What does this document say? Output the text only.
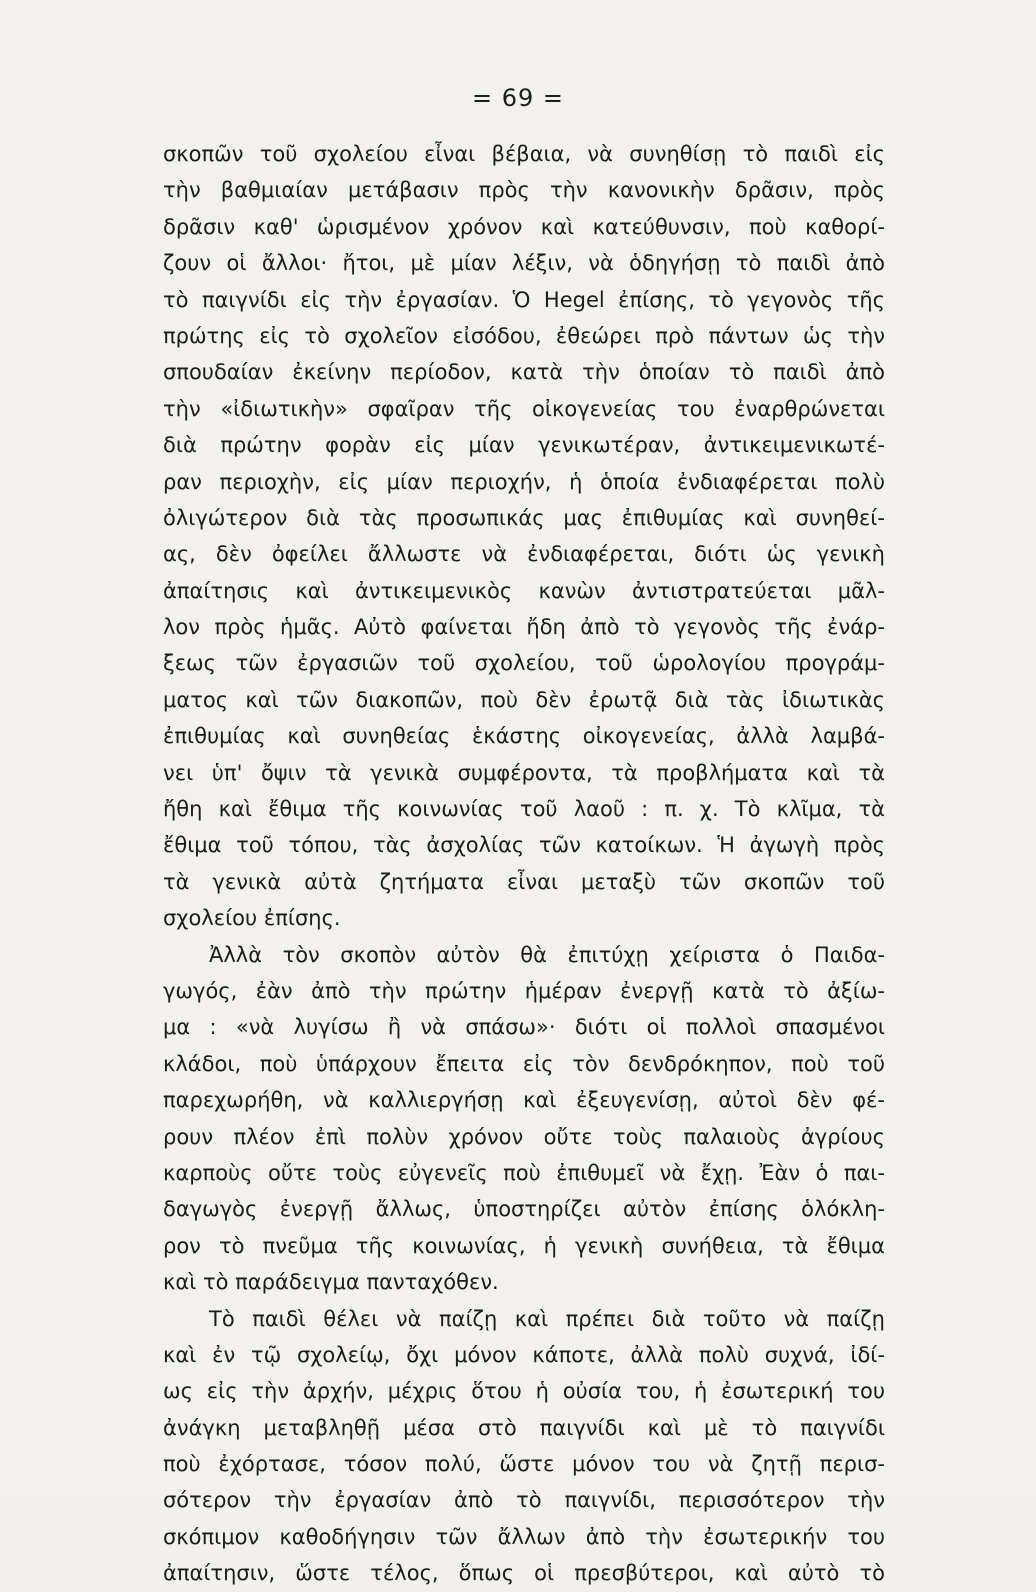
= 69 =
σκοπῶν τοῦ σχολείου εἶναι βέβαια, νὰ συνηθίσῃ τὸ παιδὶ εἰς
τὴν βαθμιαίαν μετάβασιν πρὸς τὴν κανονικὴν δρᾶσιν, πρὸς
δρᾶσιν καθ' ὡρισμένον χρόνον καὶ κατεύθυνσιν, ποὺ καθορί-
ζουν οἱ ἄλλοι· ἤτοι, μὲ μίαν λέξιν, νὰ ὁδηγήσῃ τὸ παιδὶ ἀπὸ
τὸ παιγνίδι εἰς τὴν ἐργασίαν. Ὁ Hegel ἐπίσης, τὸ γεγονὸς τῆς
πρώτης εἰς τὸ σχολεῖον εἰσόδου, ἐθεώρει πρὸ πάντων ὡς τὴν
σπουδαίαν ἐκείνην περίοδον, κατὰ τὴν ὁποίαν τὸ παιδὶ ἀπὸ
τὴν «ἰδιωτικὴν» σφαῖραν τῆς οἰκογενείας του ἐναρθρώνεται
διὰ πρώτην φορὰν εἰς μίαν γενικωτέραν, ἀντικειμενικωτέ-
ραν περιοχὴν, εἰς μίαν περιοχήν, ἡ ὁποία ἐνδιαφέρεται πολὺ
ὀλιγώτερον διὰ τὰς προσωπικάς μας ἐπιθυμίας καὶ συνηθεί-
ας, δὲν ὀφείλει ἄλλωστε νὰ ἐνδιαφέρεται, διότι ὡς γενικὴ
ἀπαίτησις καὶ ἀντικειμενικὸς κανὼν ἀντιστρατεύεται μᾶλ-
λον πρὸς ἡμᾶς. Αὐτὸ φαίνεται ἤδη ἀπὸ τὸ γεγονὸς τῆς ἐνάρ-
ξεως τῶν ἐργασιῶν τοῦ σχολείου, τοῦ ὡρολογίου προγράμ-
ματος καὶ τῶν διακοπῶν, ποὺ δὲν ἐρωτᾷ διὰ τὰς ἰδιωτικὰς
ἐπιθυμίας καὶ συνηθείας ἑκάστης οἰκογενείας, ἀλλὰ λαμβά-
νει ὑπ' ὄψιν τὰ γενικὰ συμφέροντα, τὰ προβλήματα καὶ τὰ
ἤθη καὶ ἔθιμα τῆς κοινωνίας τοῦ λαοῦ : π. χ. Τὸ κλῖμα, τὰ
ἔθιμα τοῦ τόπου, τὰς ἀσχολίας τῶν κατοίκων. Ἡ ἀγωγὴ πρὸς
τὰ γενικὰ αὐτὰ ζητήματα εἶναι μεταξὺ τῶν σκοπῶν τοῦ
σχολείου ἐπίσης.
Ἀλλὰ τὸν σκοπὸν αὐτὸν θὰ ἐπιτύχῃ χείριστα ὁ Παιδα-
γωγός, ἐὰν ἀπὸ τὴν πρώτην ἡμέραν ἐνεργῇ κατὰ τὸ ἀξίω-
μα : «νὰ λυγίσω ἢ νὰ σπάσω»· διότι οἱ πολλοὶ σπασμένοι
κλάδοι, ποὺ ὑπάρχουν ἔπειτα εἰς τὸν δενδρόκηπον, ποὺ τοῦ
παρεχωρήθη, νὰ καλλιεργήσῃ καὶ ἐξευγενίσῃ, αὐτοὶ δὲν φέ-
ρουν πλέον ἐπὶ πολὺν χρόνον οὔτε τοὺς παλαιοὺς ἀγρίους
καρποὺς οὔτε τοὺς εὐγενεῖς ποὺ ἐπιθυμεῖ νὰ ἔχῃ. Ἐὰν ὁ παι-
δαγωγὸς ἐνεργῇ ἄλλως, ὑποστηρίζει αὐτὸν ἐπίσης ὁλόκλη-
ρον τὸ πνεῦμα τῆς κοινωνίας, ἡ γενικὴ συνήθεια, τὰ ἔθιμα
καὶ τὸ παράδειγμα πανταχόθεν.
Τὸ παιδὶ θέλει νὰ παίζῃ καὶ πρέπει διὰ τοῦτο νὰ παίζῃ
καὶ ἐν τῷ σχολείῳ, ὄχι μόνον κάποτε, ἀλλὰ πολὺ συχνά, ἰδί-
ως εἰς τὴν ἀρχήν, μέχρις ὅτου ἡ οὐσία του, ἡ ἐσωτερική του
ἀνάγκη μεταβληθῇ μέσα στὸ παιγνίδι καὶ μὲ τὸ παιγνίδι
ποὺ ἐχόρτασε, τόσον πολύ, ὥστε μόνον του νὰ ζητῇ περισ-
σότερον τὴν ἐργασίαν ἀπὸ τὸ παιγνίδι, περισσότερον τὴν
σκόπιμον καθοδήγησιν τῶν ἄλλων ἀπὸ τὴν ἐσωτερικήν του
ἀπαίτησιν, ὥστε τέλος, ὅπως οἱ πρεσβύτεροι, καὶ αὐτὸ τὸ
